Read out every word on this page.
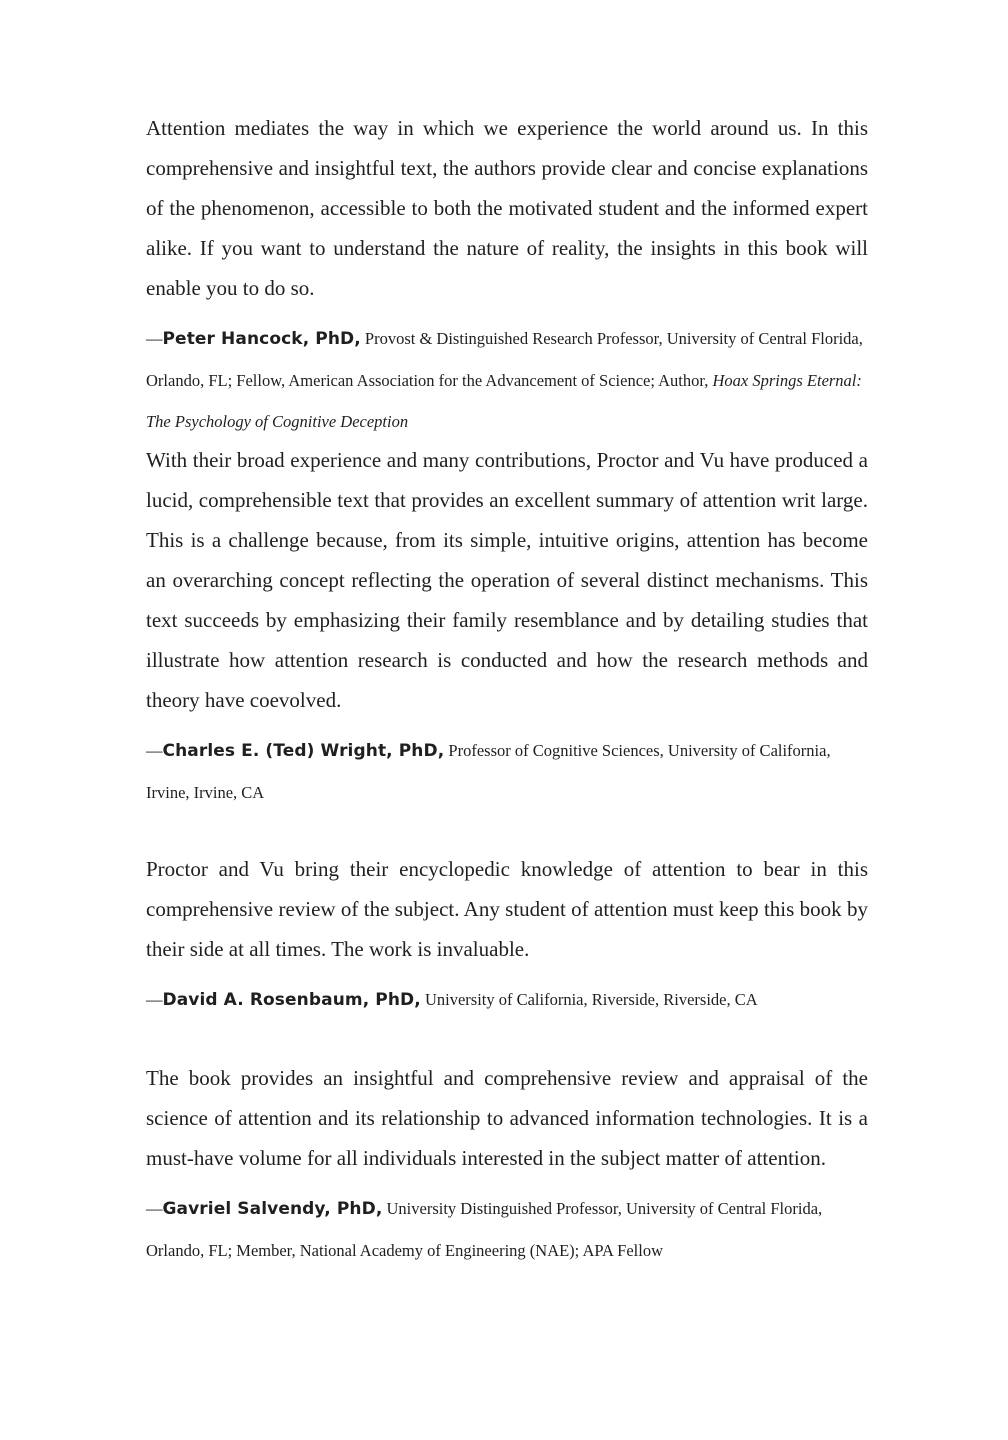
Attention mediates the way in which we experience the world around us. In this comprehensive and insightful text, the authors provide clear and concise explanations of the phenomenon, accessible to both the motivated student and the informed expert alike. If you want to understand the nature of reality, the insights in this book will enable you to do so.

—Peter Hancock, PhD, Provost & Distinguished Research Professor, University of Central Florida, Orlando, FL; Fellow, American Association for the Advancement of Science; Author, Hoax Springs Eternal: The Psychology of Cognitive Deception

With their broad experience and many contributions, Proctor and Vu have produced a lucid, comprehensible text that provides an excellent summary of attention writ large. This is a challenge because, from its simple, intuitive origins, attention has become an overarching concept reflecting the operation of several distinct mechanisms. This text succeeds by emphasizing their family resemblance and by detailing studies that illustrate how attention research is conducted and how the research methods and theory have coevolved.

—Charles E. (Ted) Wright, PhD, Professor of Cognitive Sciences, University of California, Irvine, Irvine, CA

Proctor and Vu bring their encyclopedic knowledge of attention to bear in this comprehensive review of the subject. Any student of attention must keep this book by their side at all times. The work is invaluable.

—David A. Rosenbaum, PhD, University of California, Riverside, Riverside, CA

The book provides an insightful and comprehensive review and appraisal of the science of attention and its relationship to advanced information technologies. It is a must-have volume for all individuals interested in the subject matter of attention.

—Gavriel Salvendy, PhD, University Distinguished Professor, University of Central Florida, Orlando, FL; Member, National Academy of Engineering (NAE); APA Fellow
